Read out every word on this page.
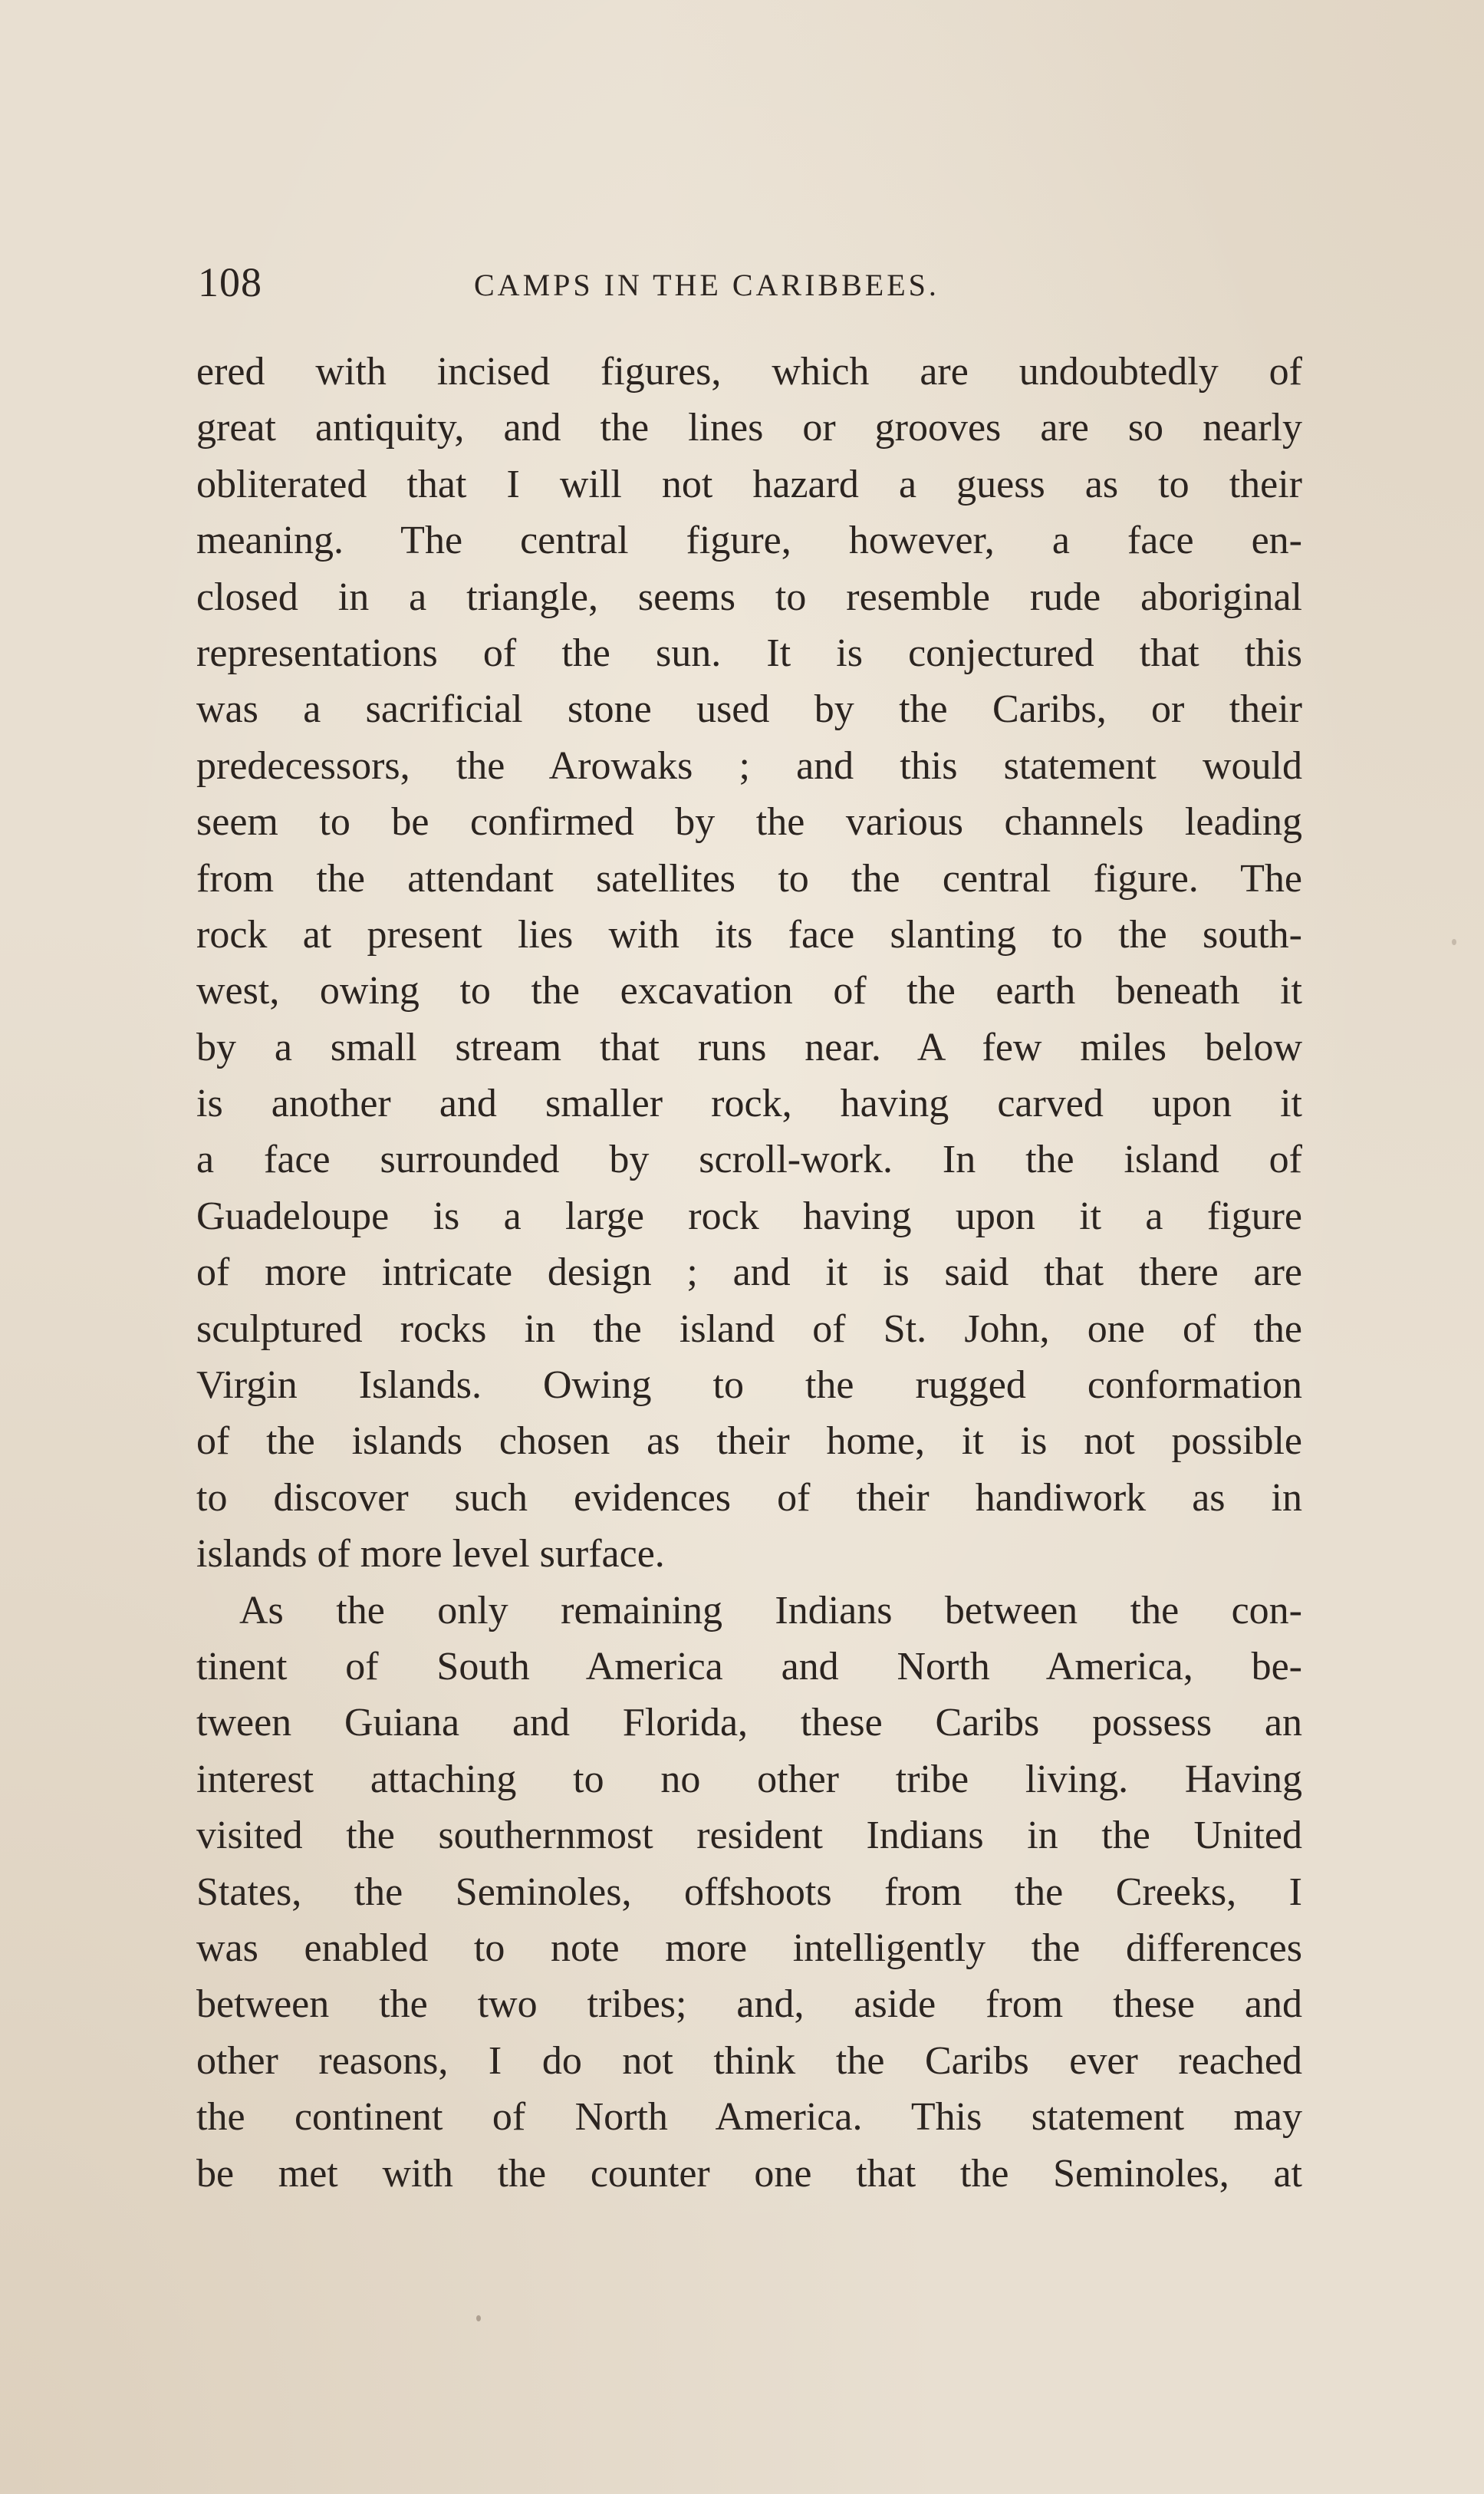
108	CAMPS IN THE CARIBBEES.
ered with incised figures, which are undoubtedly of
great antiquity, and the lines or grooves are so nearly
obliterated that I will not hazard a guess as to their
meaning. The central figure, however, a face en-
closed in a triangle, seems to resemble rude aboriginal
representations of the sun. It is conjectured that this
was a sacrificial stone used by the Caribs, or their
predecessors, the Arowaks ; and this statement would
seem to be confirmed by the various channels leading
from the attendant satellites to the central figure. The
rock at present lies with its face slanting to the south-
west, owing to the excavation of the earth beneath it
by a small stream that runs near. A few miles below
is another and smaller rock, having carved upon it
a face surrounded by scroll-work. In the island of
Guadeloupe is a large rock having upon it a figure
of more intricate design ; and it is said that there are
sculptured rocks in the island of St. John, one of the
Virgin Islands. Owing to the rugged conformation
of the islands chosen as their home, it is not possible
to discover such evidences of their handiwork as in
islands of more level surface.
As the only remaining Indians between the con-
tinent of South America and North America, be-
tween Guiana and Florida, these Caribs possess an
interest attaching to no other tribe living. Having
visited the southernmost resident Indians in the United
States, the Seminoles, offshoots from the Creeks, I
was enabled to note more intelligently the differences
between the two tribes; and, aside from these and
other reasons, I do not think the Caribs ever reached
the continent of North America. This statement may
be met with the counter one that the Seminoles, at
